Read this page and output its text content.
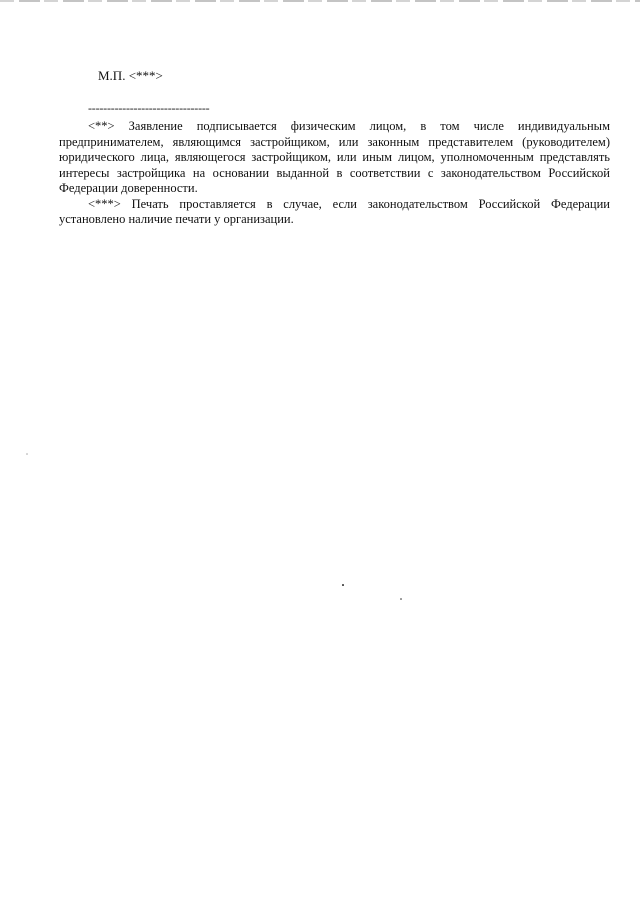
М.П. <***>
--------------------------------

<**> Заявление подписывается физическим лицом, в том числе индивидуальным предпринимателем, являющимся застройщиком, или законным представителем (руководителем) юридического лица, являющегося застройщиком, или иным лицом, уполномоченным представлять интересы застройщика на основании выданной в соответствии с законодательством Российской Федерации доверенности.

<***> Печать проставляется в случае, если законодательством Российской Федерации установлено наличие печати у организации.
